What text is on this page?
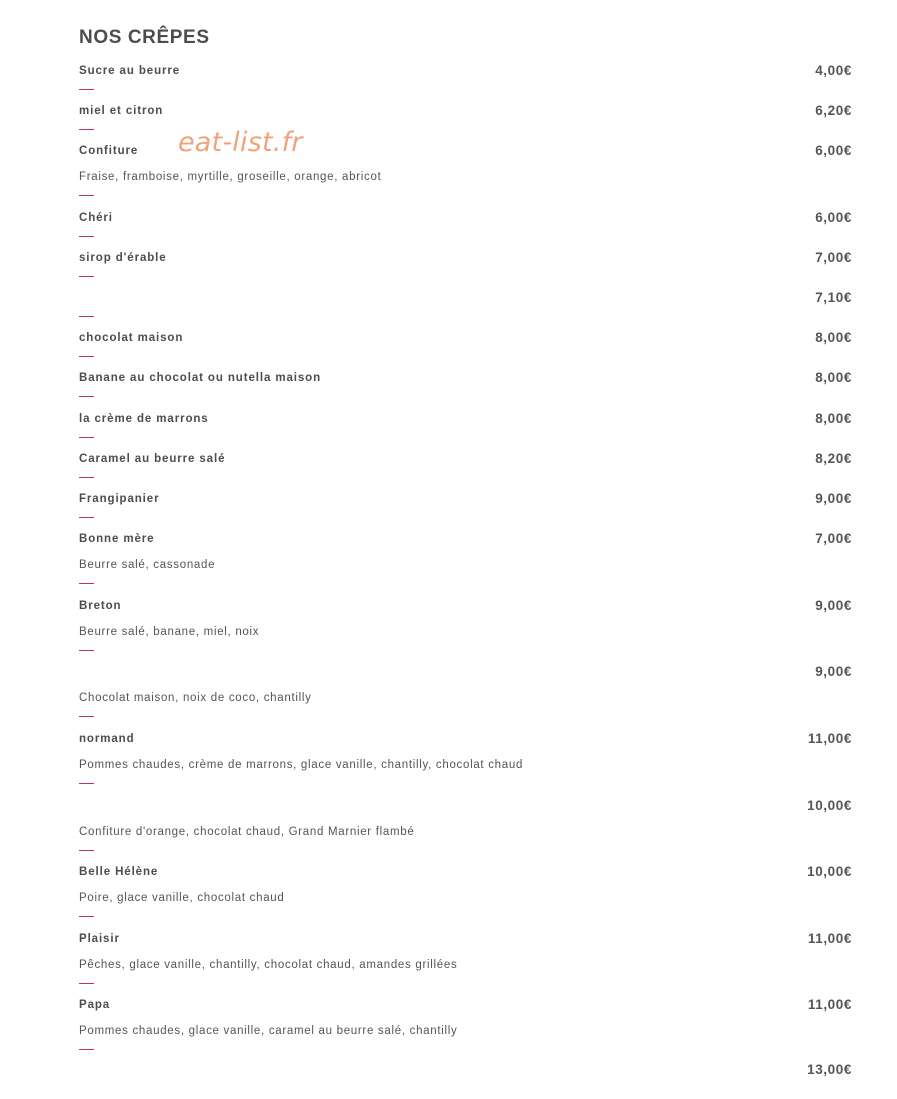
NOS CRÊPES
Sucre au beurre	4,00€
miel et citron	6,20€
Confiture	6,00€
Fraise, framboise, myrtille, groseille, orange, abricot
Chéri	6,00€
sirop d'érable	7,00€
7,10€
chocolat maison	8,00€
Banane au chocolat ou nutella maison	8,00€
la crème de marrons	8,00€
Caramel au beurre salé	8,20€
Frangipanier	9,00€
Bonne mère	7,00€
Beurre salé, cassonade
Breton	9,00€
Beurre salé, banane, miel, noix
9,00€
Chocolat maison, noix de coco, chantilly
normand	11,00€
Pommes chaudes, crème de marrons, glace vanille, chantilly, chocolat chaud
10,00€
Confiture d'orange, chocolat chaud, Grand Marnier flambé
Belle Hélène	10,00€
Poire, glace vanille, chocolat chaud
Plaisir	11,00€
Pêches, glace vanille, chantilly, chocolat chaud, amandes grillées
Papa	11,00€
Pommes chaudes, glace vanille, caramel au beurre salé, chantilly
13,00€
eat-list.fr
